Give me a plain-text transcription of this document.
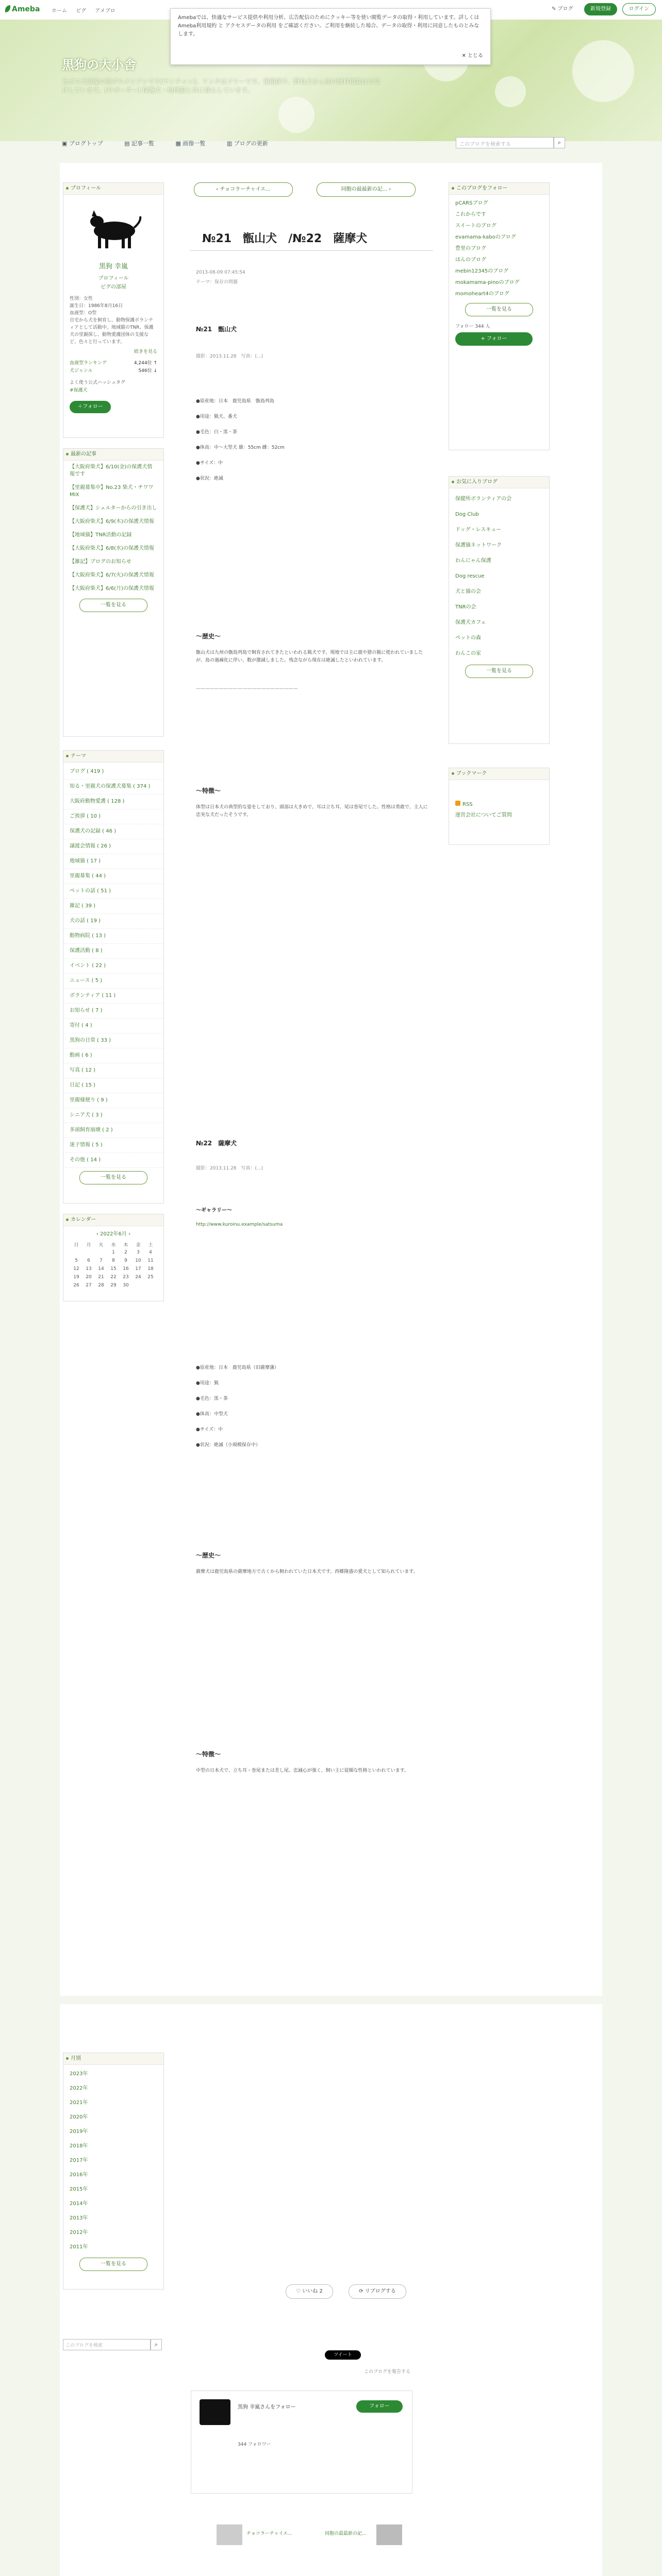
Ameba ホーム ピグ アメブロ	✎ ブログ	新規登録	ログイン
黒狗の大小舎
元ボス犬黒瀧の黒ダルメシアンです(ヤンチャン)。リンクはフリーです。里親探す、野良犬さん達の無料相談はお受けしています。(サポーター) 保護犬・地域猫と共に暮らしています。
▣ ブログトップ	▤ 記事一覧	▦ 画像一覧	▥ ブログの更新	このブログを検索する	⌕
Amebaでは、快適なサービス提供や利用分析、広告配信のためにクッキー等を使い閲覧データの取得・利用しています。詳しくは Ameba利用規約 と アクセスデータの利用 をご確認ください。ご利用を継続した場合、データの取得・利用に同意したものとみなします。
✕ とじる
プロフィール
黒狗 幸嵐
プロフィール
ピグの部屋
性別：女性
誕生日：1986年8月16日
血液型：O型
自宅から犬を飼育し、動物保護ボランティアとして活動中。地域猫のTNR、保護犬の里親探し、動物愛護団体の支援など、色々と行っています。
続きを見る
血液型ランキング	4,244位 ↑
犬ジャンル	546位 ↓
よく使う公式ハッシュタグ
#保護犬
＋フォロー
最新の記事
【大阪府柴犬】6/10(金)の保護犬情報です
【里親募集中】No.23 柴犬・チワワMIX
【保護犬】シェルターからの引き出し
【大阪府柴犬】6/9(木)の保護犬情報
【地域猫】TNR活動の記録
【大阪府柴犬】6/8(水)の保護犬情報
【雑記】ブログのお知らせ
【大阪府柴犬】6/7(火)の保護犬情報
【大阪府柴犬】6/6(月)の保護犬情報
一覧を見る
テーマ
ブログ ( 419 )
知る・里親犬の保護犬募集 ( 374 )
大阪府動物愛護 ( 128 )
ご挨拶 ( 10 )
保護犬の記録 ( 46 )
譲渡会情報 ( 26 )
地域猫 ( 17 )
里親募集 ( 44 )
ペットの話 ( 51 )
雑記 ( 39 )
犬の話 ( 19 )
動物病院 ( 13 )
保護活動 ( 8 )
イベント ( 22 )
ニュース ( 5 )
ボランティア ( 11 )
お知らせ ( 7 )
寄付 ( 4 )
黒狗の日常 ( 33 )
動画 ( 6 )
写真 ( 12 )
日記 ( 15 )
里親様便り ( 9 )
シニア犬 ( 3 )
多頭飼育崩壊 ( 2 )
迷子情報 ( 5 )
その他 ( 14 )
一覧を見る
カレンダー
‹ 2022年6月 ›
日	月	火	水	木	金	土
			1	2	3	4
5	6	7	8	9	10	11
12	13	14	15	16	17	18
19	20	21	22	23	24	25
26	27	28	29	30		
月別
2023年
2022年
2021年
2020年
2019年
2018年
2017年
2016年
2015年
2014年
2013年
2012年
2011年
一覧を見る
このブログを検索	⌕
‹ チョコラーチャイエ...	同胞の最最新の記... ›
№21　甑山犬　/№22　薩摩犬
2013-08-09 07:45:54
テーマ：保存の問題
№21　甑山犬
撮影：2013.11.28　写真：(...)
●原産地：日本　鹿児島県　甑島列島
●用途：猟犬、番犬
●毛色：白・黒・茶
●体高：中〜大型犬 雄：55cm 雌：52cm
●サイズ：中
●状況：絶滅
〜歴史〜
甑山犬は九州の甑島列島で飼育されてきたといわれる猟犬です。現地では主に鹿や猪の猟に使われていましたが、島の過疎化に伴い、数が激減しました。残念ながら現在は絶滅したといわれています。
——————————————————————
〜特徴〜
体型は日本犬の典型的な姿をしており、頭部は大きめで、耳は立ち耳、尾は巻尾でした。性格は勇敢で、主人に忠実な犬だったそうです。
№22　薩摩犬
撮影：2013.11.28　写真：(...)
〜ギャラリー〜
http://www.kuroinu.example/satsuma
●原産地：日本　鹿児島県（旧薩摩藩）
●用途：猟
●毛色：黒・茶
●体高：中型犬
●サイズ：中
●状況：絶滅（小規模保存中）
〜歴史〜
薩摩犬は鹿児島県の薩摩地方で古くから飼われていた日本犬です。西郷隆盛の愛犬として知られています。
〜特徴〜
中型の日本犬で、立ち耳・巻尾または差し尾。忠誠心が強く、飼い主に従順な性格といわれています。
♡ いいね 2	⟳ リブログする
ツイート
このブログを報告する
黒狗 幸嵐さんをフォロー	フォロー
344 フォロワー
チョコラーチャイエ...	同胞の最最新の記...
このブログをフォロー
pCARSブログ
これからです
スイートのブログ
evamama-kaboのブログ
豊里のブログ
ほんのブログ
mebin12345のブログ
mokamama-pinoのブログ
momoheart4のブログ
一覧を見る
フォロー 344 人
+ フォロー
お気に入りブログ
保健所ボランティアの会
Dog Club
ドッグ・レスキュー
保護猫ネットワーク
わんにゃん保護
Dog rescue
犬と猫の会
TNRの会
保護犬カフェ
ペットの森
わんこの家
一覧を見る
ブックマーク
RSS
運営会社についてご質問
